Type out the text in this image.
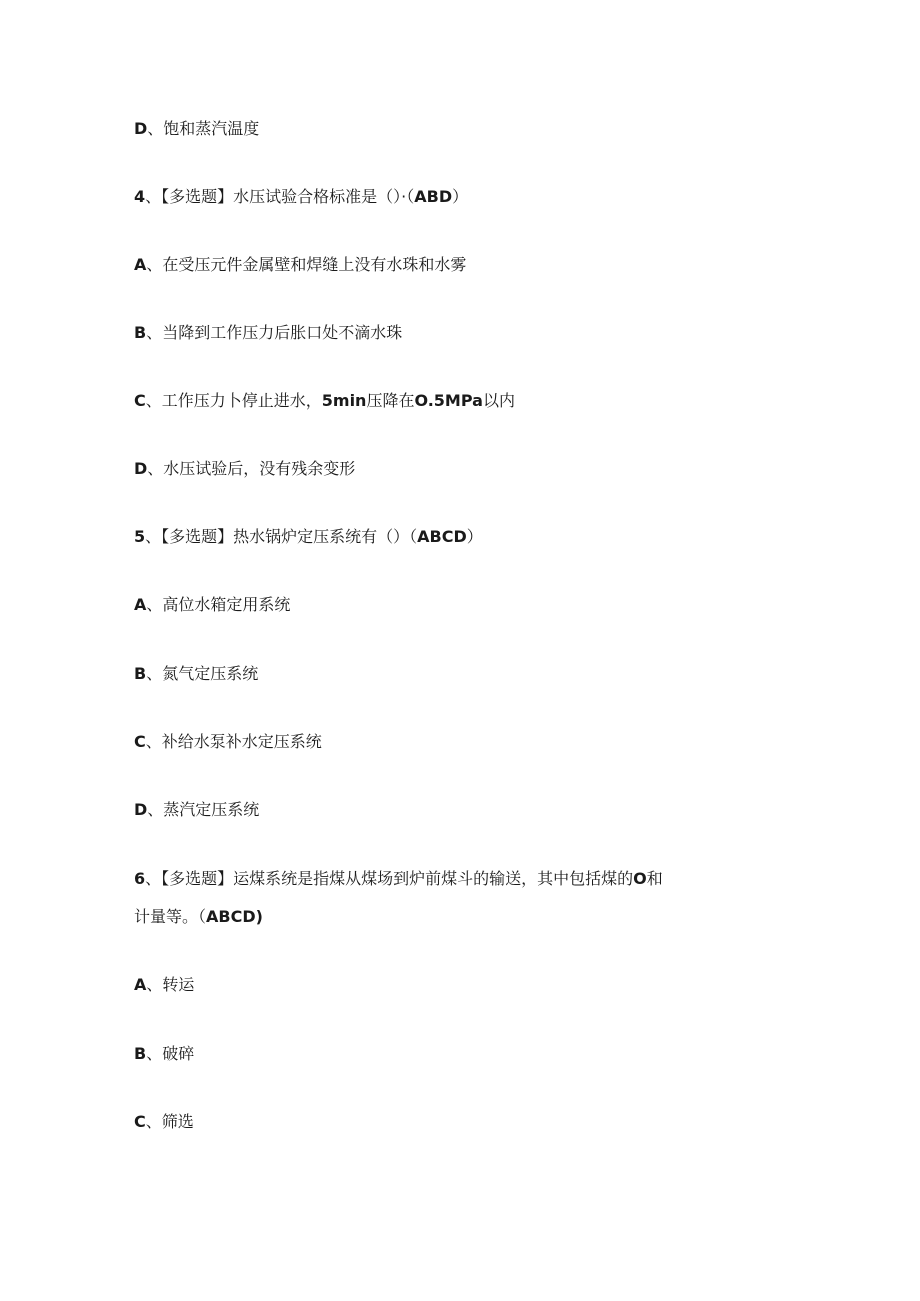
D、饱和蒸汽温度
4、【多选题】水压试验合格标准是（）·（ABD）
A、在受压元件金属壁和焊缝上没有水珠和水雾
B、当降到工作压力后胀口处不滴水珠
C、工作压力卜停止进水，5min压降在O.5MPa以内
D、水压试验后，没有残余变形
5、【多选题】热水锅炉定压系统有（）（ABCD）
A、高位水箱定用系统
B、氮气定压系统
C、补给水泵补水定压系统
D、蒸汽定压系统
6、【多选题】运煤系统是指煤从煤场到炉前煤斗的输送，其中包括煤的O和
计量等。（ABCD)
A、转运
B、破碎
C、筛选
